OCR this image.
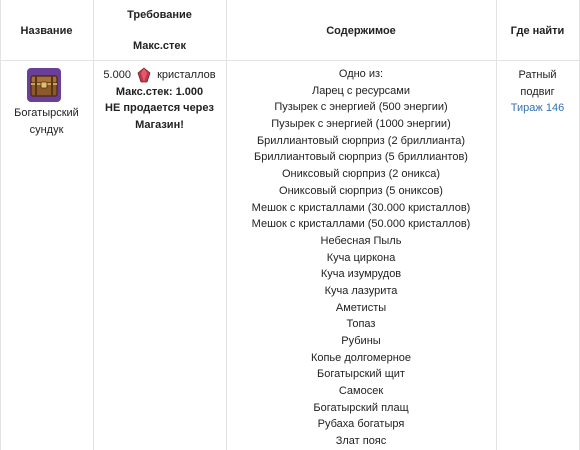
Название
Требование
Макс.стек
Содержимое	Где найти
Богатырский
сундук
5.000 кристаллов
Макс.стек: 1.000
НЕ продается через
Магазин!
Одно из:
Ларец с ресурсами
Пузырек с энергией (500 энергии)
Пузырек с энергией (1000 энергии)
Бриллиантовый сюрприз (2 бриллианта)
Бриллиантовый сюрприз (5 бриллиантов)
Ониксовый сюрприз (2 оникса)
Ониксовый сюрприз (5 ониксов)
Мешок с кристаллами (30.000 кристаллов)
Мешок с кристаллами (50.000 кристаллов)
Небесная Пыль
Куча циркона
Куча изумрудов
Куча лазурита
Аметисты
Топаз
Рубины
Копье долгомерное
Богатырский щит
Самосек
Богатырский плащ
Рубаха богатыря
Злат пояс
Ратный
подвиг
Тираж 146
